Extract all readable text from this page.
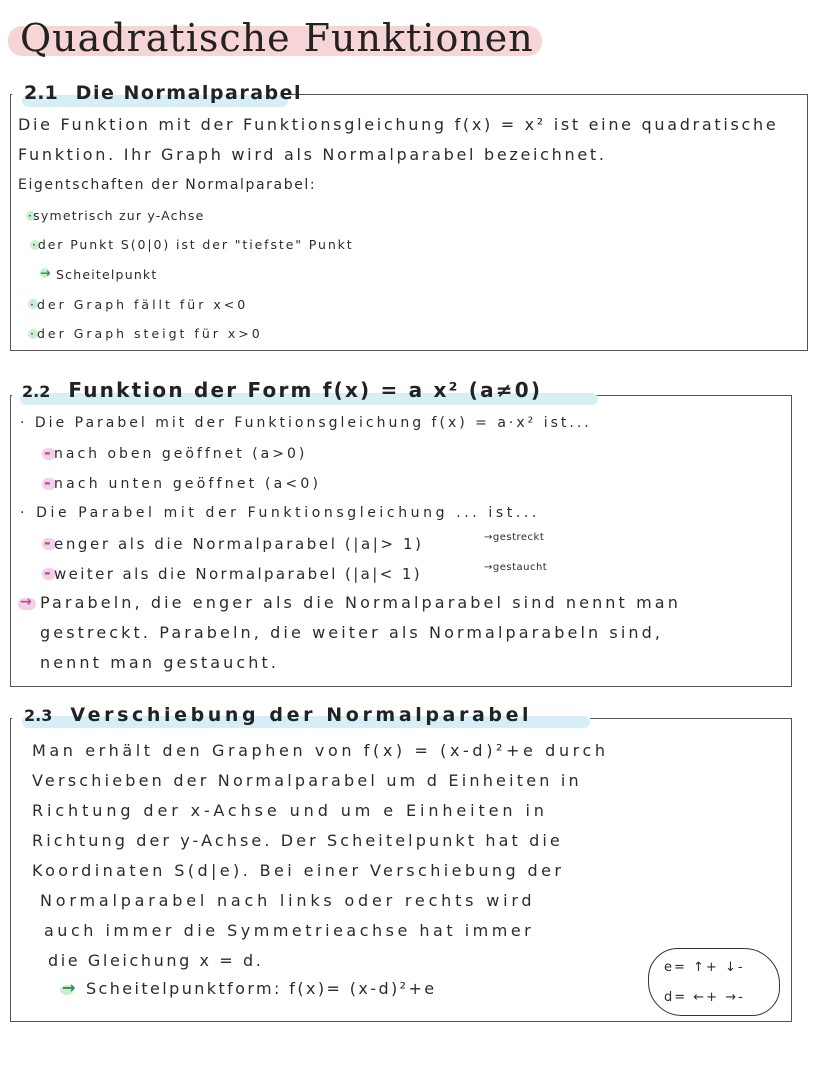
Quadratische Funktionen
2.1 Die Normalparabel
Die Funktion mit der Funktionsgleichung f(x) = x² ist eine quadratische
Funktion. Ihr Graph wird als Normalparabel bezeichnet.
Eigentschaften der Normalparabel:
·symetrisch zur y-Achse
·der Punkt S(0|0) ist der "tiefste" Punkt
→ Scheitelpunkt
·der Graph fällt für x<0
·der Graph steigt für x>0
2.2 Funktion der Form f(x) = a x² (a≠0)
· Die Parabel mit der Funktionsgleichung f(x) = a·x² ist...
- nach oben geöffnet (a>0)
- nach unten geöffnet (a<0)
· Die Parabel mit der Funktionsgleichung ... ist...
- enger als die Normalparabel (|a|> 1)	→gestreckt
- weiter als die Normalparabel (|a|< 1)	→gestaucht
→ Parabeln, die enger als die Normalparabel sind nennt man
gestreckt. Parabeln, die weiter als Normalparabeln sind,
nennt man gestaucht.
2.3 Verschiebung der Normalparabel
Man erhält den Graphen von f(x) = (x-d)²+e durch
Verschieben der Normalparabel um d Einheiten in
Richtung der x-Achse und um e Einheiten in
Richtung der y-Achse. Der Scheitelpunkt hat die
Koordinaten S(d|e). Bei einer Verschiebung der
Normalparabel nach links oder rechts wird
auch immer die Symmetrieachse hat immer
die Gleichung x = d.
→ Scheitelpunktform: f(x)= (x-d)²+e
e= ↑+ ↓-
d= ←+ →-
